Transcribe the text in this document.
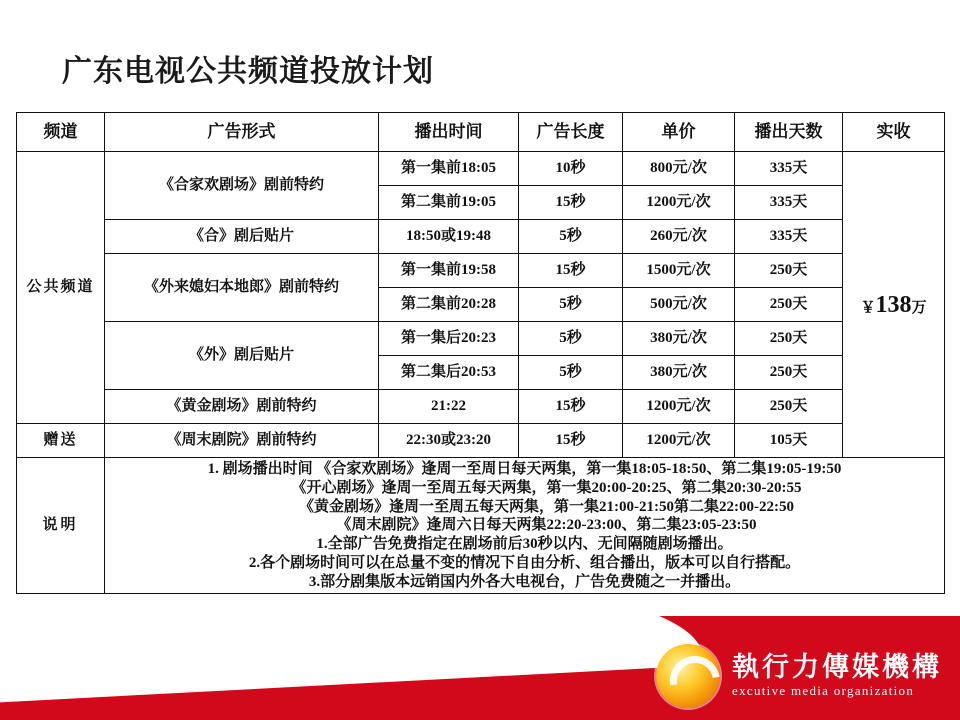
广东电视公共频道投放计划
频道	广告形式	播出时间	广告长度	单价	播出天数	实收
公共频道	《合家欢剧场》剧前特约	第一集前18:05	10秒	800元/次	335天	￥138万
		第二集前19:05	15秒	1200元/次	335天	
	《合》剧后贴片	18:50或19:48	5秒	260元/次	335天	
	《外来媳妇本地郎》剧前特约	第一集前19:58	15秒	1500元/次	250天	
		第二集前20:28	5秒	500元/次	250天	
	《外》剧后贴片	第一集后20:23	5秒	380元/次	250天	
		第二集后20:53	5秒	380元/次	250天	
	《黄金剧场》剧前特约	21:22	15秒	1200元/次	250天	
赠送	《周末剧院》剧前特约	22:30或23:20	15秒	1200元/次	105天	
说明	
1. 剧场播出时间 《合家欢剧场》逢周一至周日每天两集，第一集18:05-18:50、第二集19:05-19:50
《开心剧场》逢周一至周五每天两集，第一集20:00-20:25、第二集20:30-20:55
《黄金剧场》逢周一至周五每天两集，第一集21:00-21:50第二集22:00-22:50
《周末剧院》逢周六日每天两集22:20-23:00、第二集23:05-23:50
1.全部广告免费指定在剧场前后30秒以内、无间隔随剧场播出。
2.各个剧场时间可以在总量不变的情况下自由分析、组合播出，版本可以自行搭配。
3.部分剧集版本远销国内外各大电视台，广告免费随之一并播出。
執行力傳媒機構
excutive media organization
